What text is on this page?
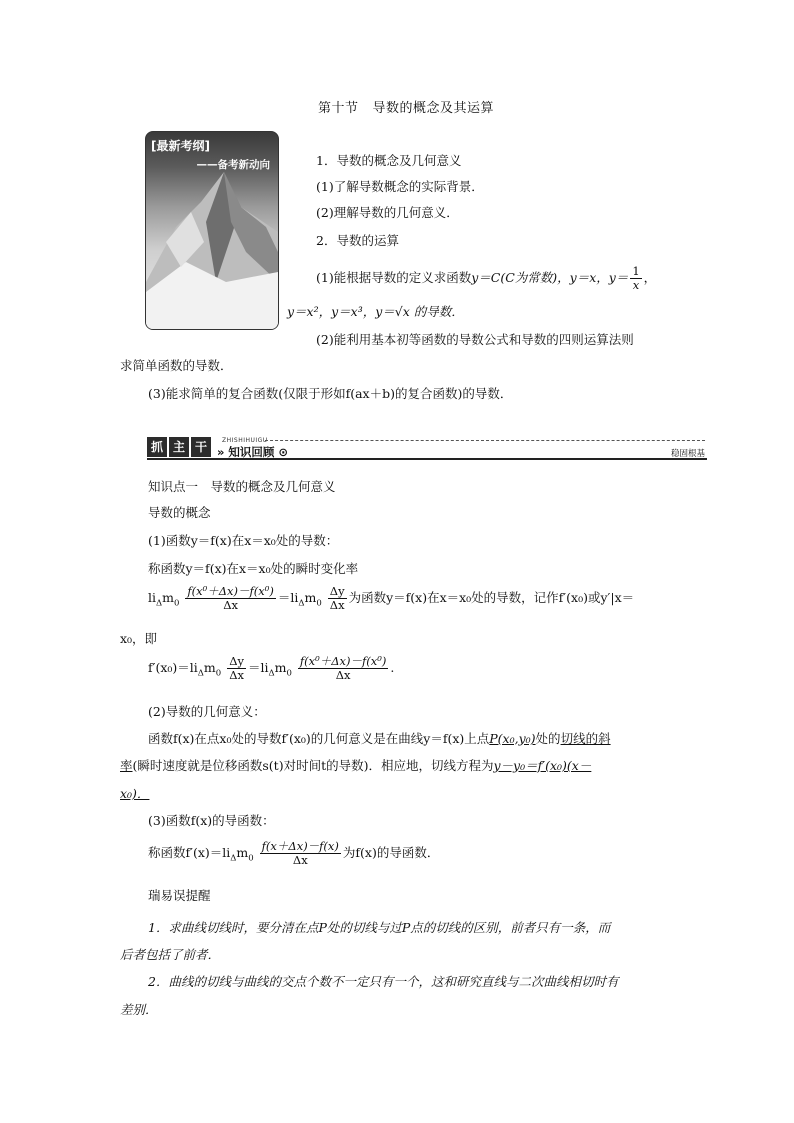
第十节 导数的概念及其运算
[最新考纲]
——备考新动向	1．导数的概念及几何意义
(1)了解导数概念的实际背景．
(2)理解导数的几何意义．
2．导数的运算
(1)能根据导数的定义求函数y＝C(C为常数)，y＝x，$y= \frac{1}{x}$ ，
y＝x²，y＝x³，y＝√x 的导数．
(2)能利用基本初等函数的导数公式和导数的四则运算法则
求简单函数的导数．
(3)能求简单的复合函数(仅限于形如f(ax＋b)的复合函数)的导数．
抓 主 干	ZHISHIHUIGU
» 知识回顾 ⊙	稳固根基
知识点一　导数的概念及几何意义
导数的概念
(1)函数y＝f(x)在x＝x₀处的导数：
称函数y＝f(x)在x＝x₀处的瞬时变化率
$li_\Delta m_0 \frac{\text{f(x⁰＋Δx)－f(x⁰)}}{\Delta x} =li_\Delta m_0 \frac{\Delta y}{\Delta x}$ 为函数y＝f(x)在x＝x₀处的导数，记作f′(x₀)或y′|x＝
x₀，即
$f'(x_0)=li_\Delta m_0 \frac{\Delta y}{\Delta x} =li_\Delta m_0 \frac{\text{f(x⁰＋Δx)－f(x⁰)}}{\Delta x}$ .
(2)导数的几何意义：
函数f(x)在点x₀处的导数f′(x₀)的几何意义是在曲线y＝f(x)上点P(x₀,y₀)处的切线的斜
率(瞬时速度就是位移函数s(t)对时间t的导数)．相应地，切线方程为y－y₀＝f′(x₀)(x－
x₀)．
(3)函数f(x)的导函数：
称函数$f'(x)=li_\Delta m_0 \frac{f(x+\Delta x)-f(x)}{\Delta x}$ 为f(x)的导函数．
瑞易误提醒
1．求曲线切线时，要分清在点P处的切线与过P点的切线的区别，前者只有一条，而
后者包括了前者．
2．曲线的切线与曲线的交点个数不一定只有一个，这和研究直线与二次曲线相切时有
差别．
